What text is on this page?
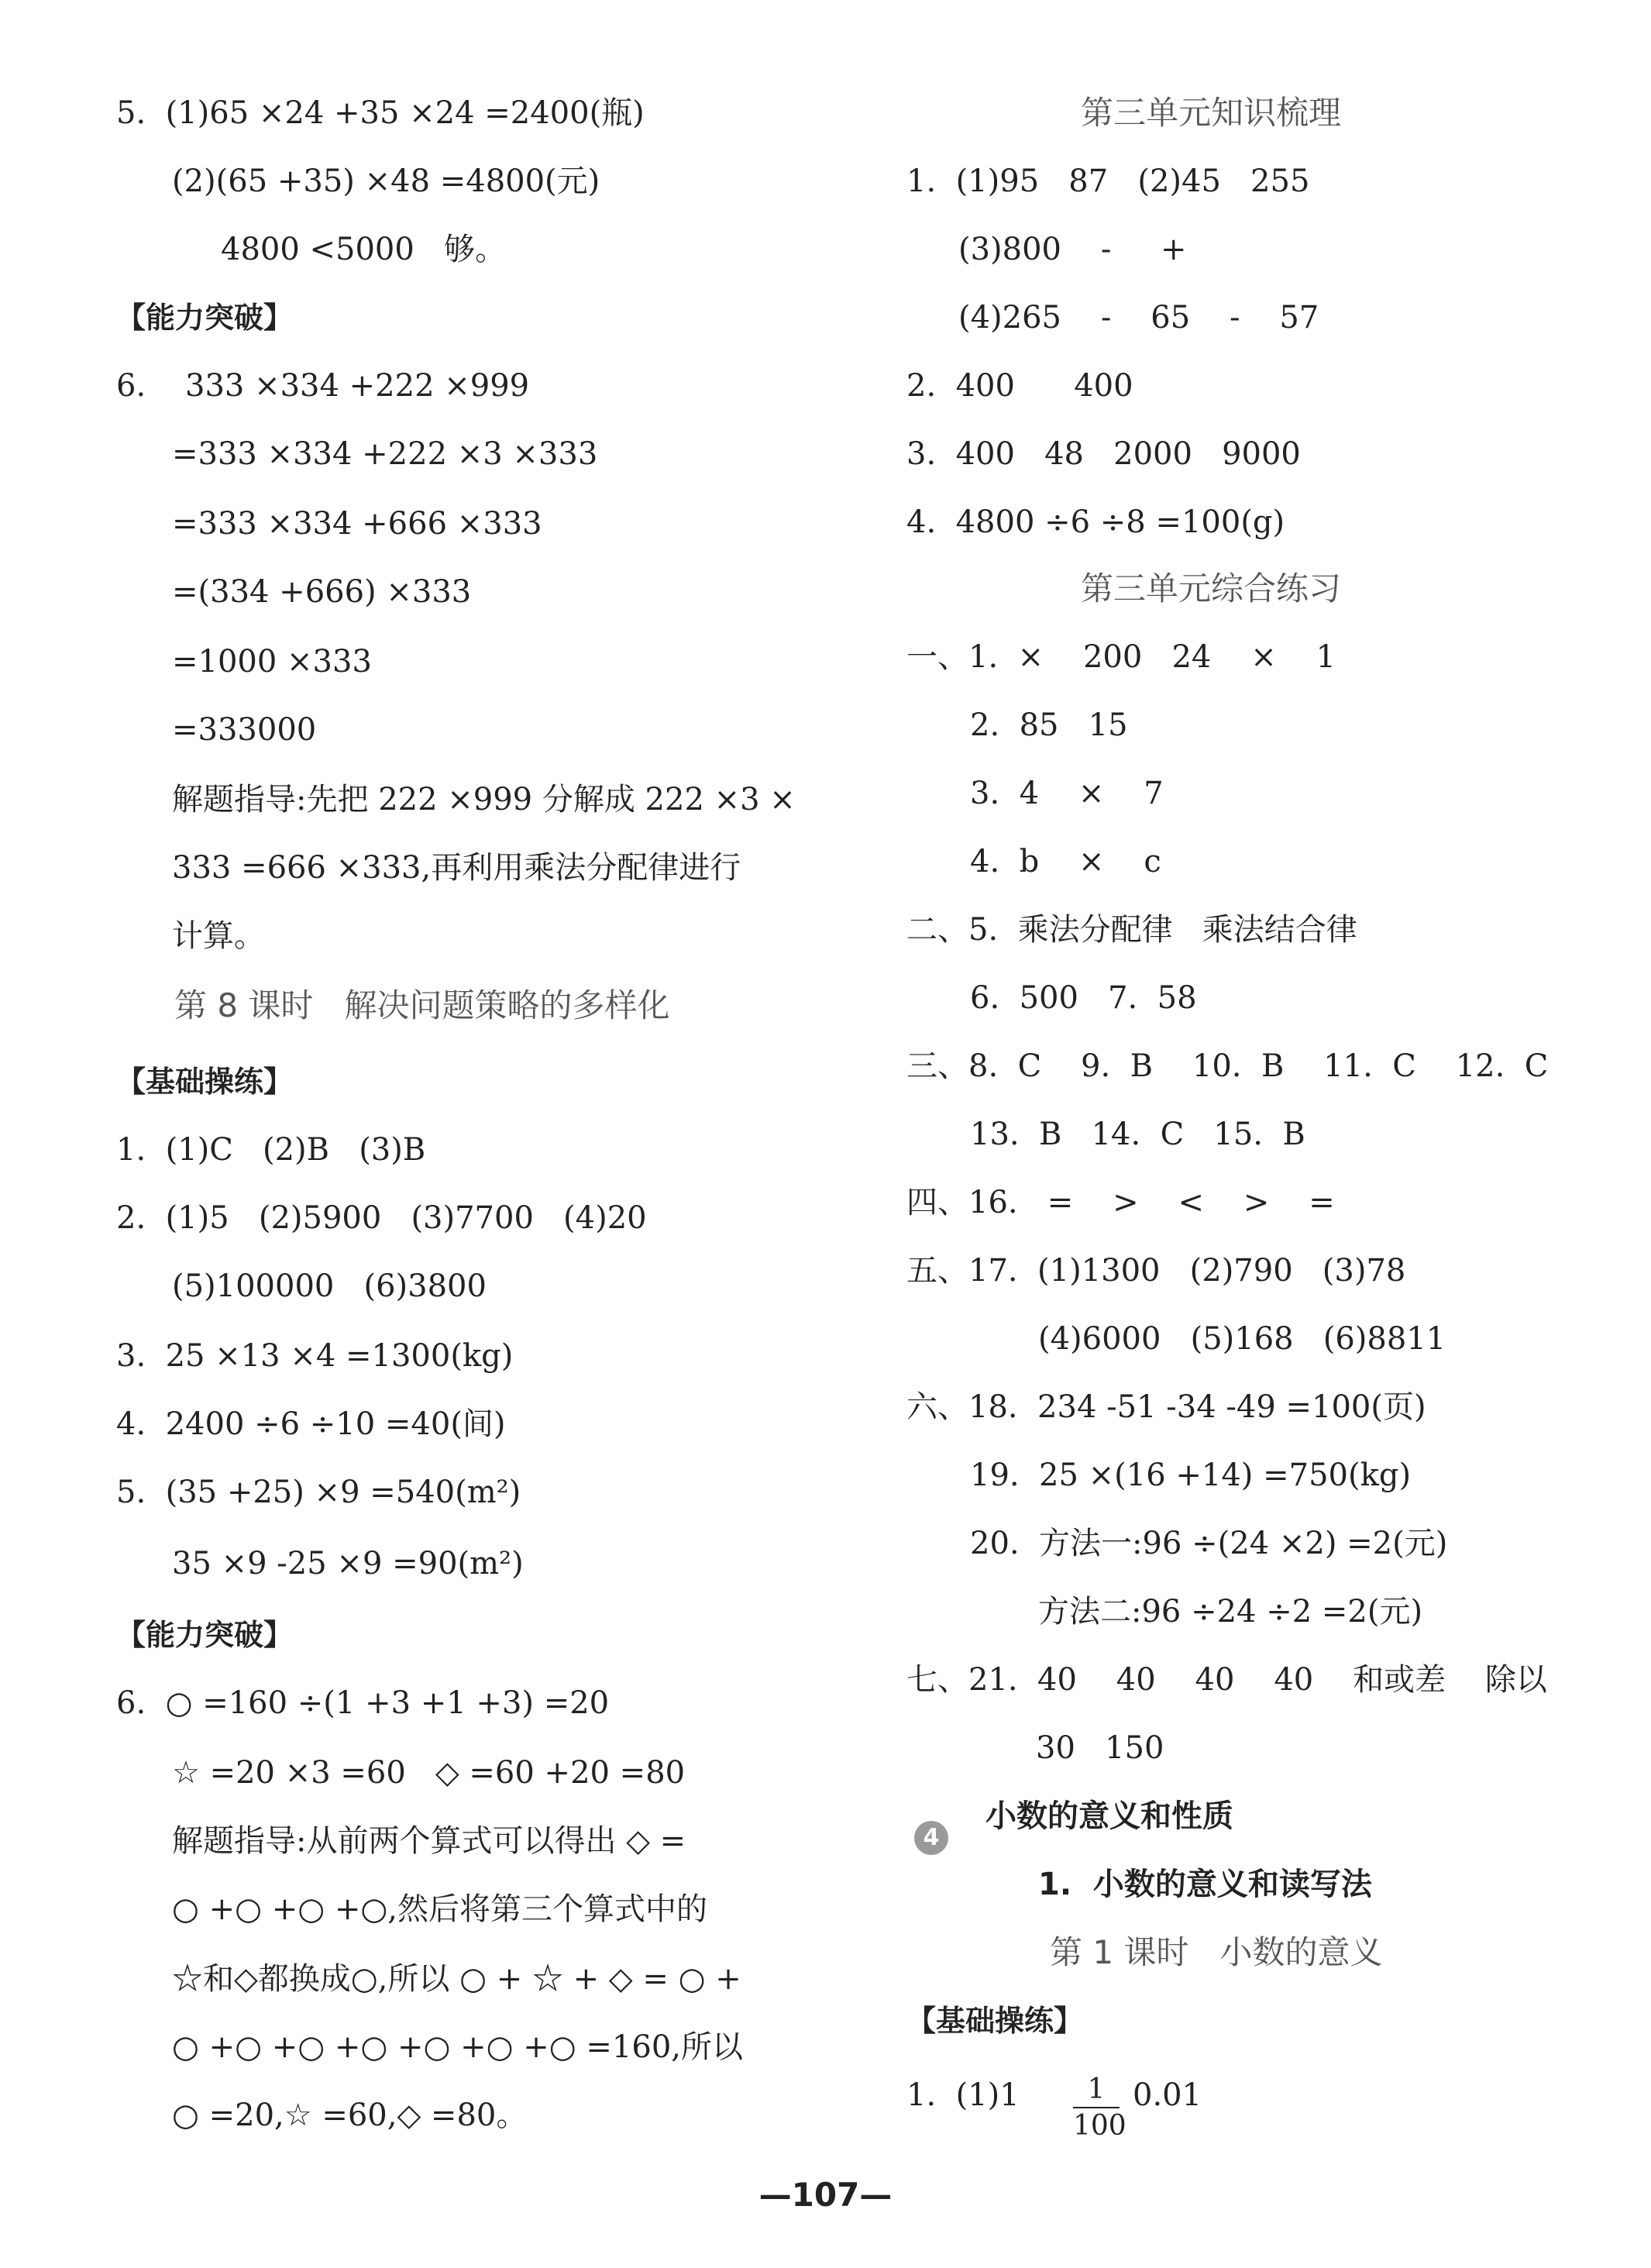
5.  (1)65 ×24 +35 ×24 =2400(瓶)
(2)(65 +35) ×48 =4800(元)
4800 <5000   够。
【能力突破】
6.    333 ×334 +222 ×999
=333 ×334 +222 ×3 ×333
=333 ×334 +666 ×333
=(334 +666) ×333
=1000 ×333
=333000
解题指导:先把 222 ×999 分解成 222 ×3 ×
333 =666 ×333,再利用乘法分配律进行
计算。
第 8 课时   解决问题策略的多样化
【基础操练】
1.  (1)C   (2)B   (3)B
2.  (1)5   (2)5900   (3)7700   (4)20
(5)100000   (6)3800
3.  25 ×13 ×4 =1300(kg)
4.  2400 ÷6 ÷10 =40(间)
5.  (35 +25) ×9 =540(m²)
35 ×9 -25 ×9 =90(m²)
【能力突破】
6.  ○ =160 ÷(1 +3 +1 +3) =20
☆ =20 ×3 =60   ◇ =60 +20 =80
解题指导:从前两个算式可以得出 ◇ =
○ +○ +○ +○,然后将第三个算式中的
☆和◇都换成○,所以 ○ + ☆ + ◇ = ○ +
○ +○ +○ +○ +○ +○ +○ =160,所以
○ =20,☆ =60,◇ =80。
第三单元知识梳理
1.  (1)95   87   (2)45   255
(3)800    -     +
(4)265    -    65    -    57
2.  400      400
3.  400   48   2000   9000
4.  4800 ÷6 ÷8 =100(g)
第三单元综合练习
一、1.  ×    200   24    ×    1
2.  85   15
3.  4    ×    7
4.  b    ×    c
二、5.  乘法分配律   乘法结合律
6.  500   7.  58
三、8.  C    9.  B    10.  B    11.  C    12.  C
13.  B   14.  C   15.  B
四、16.   =    >    <    >    =
五、17.  (1)1300   (2)790   (3)78
(4)6000   (5)168   (6)8811
六、18.  234 -51 -34 -49 =100(页)
19.  25 ×(16 +14) =750(kg)
20.  方法一:96 ÷(24 ×2) =2(元)
方法二:96 ÷24 ÷2 =2(元)
七、21.  40    40    40    40    和或差    除以
30   150
小数的意义和性质
1.  小数的意义和读写法
第 1 课时   小数的意义
【基础操练】
1.  (1)1	0.01
4
1
100
—107—
